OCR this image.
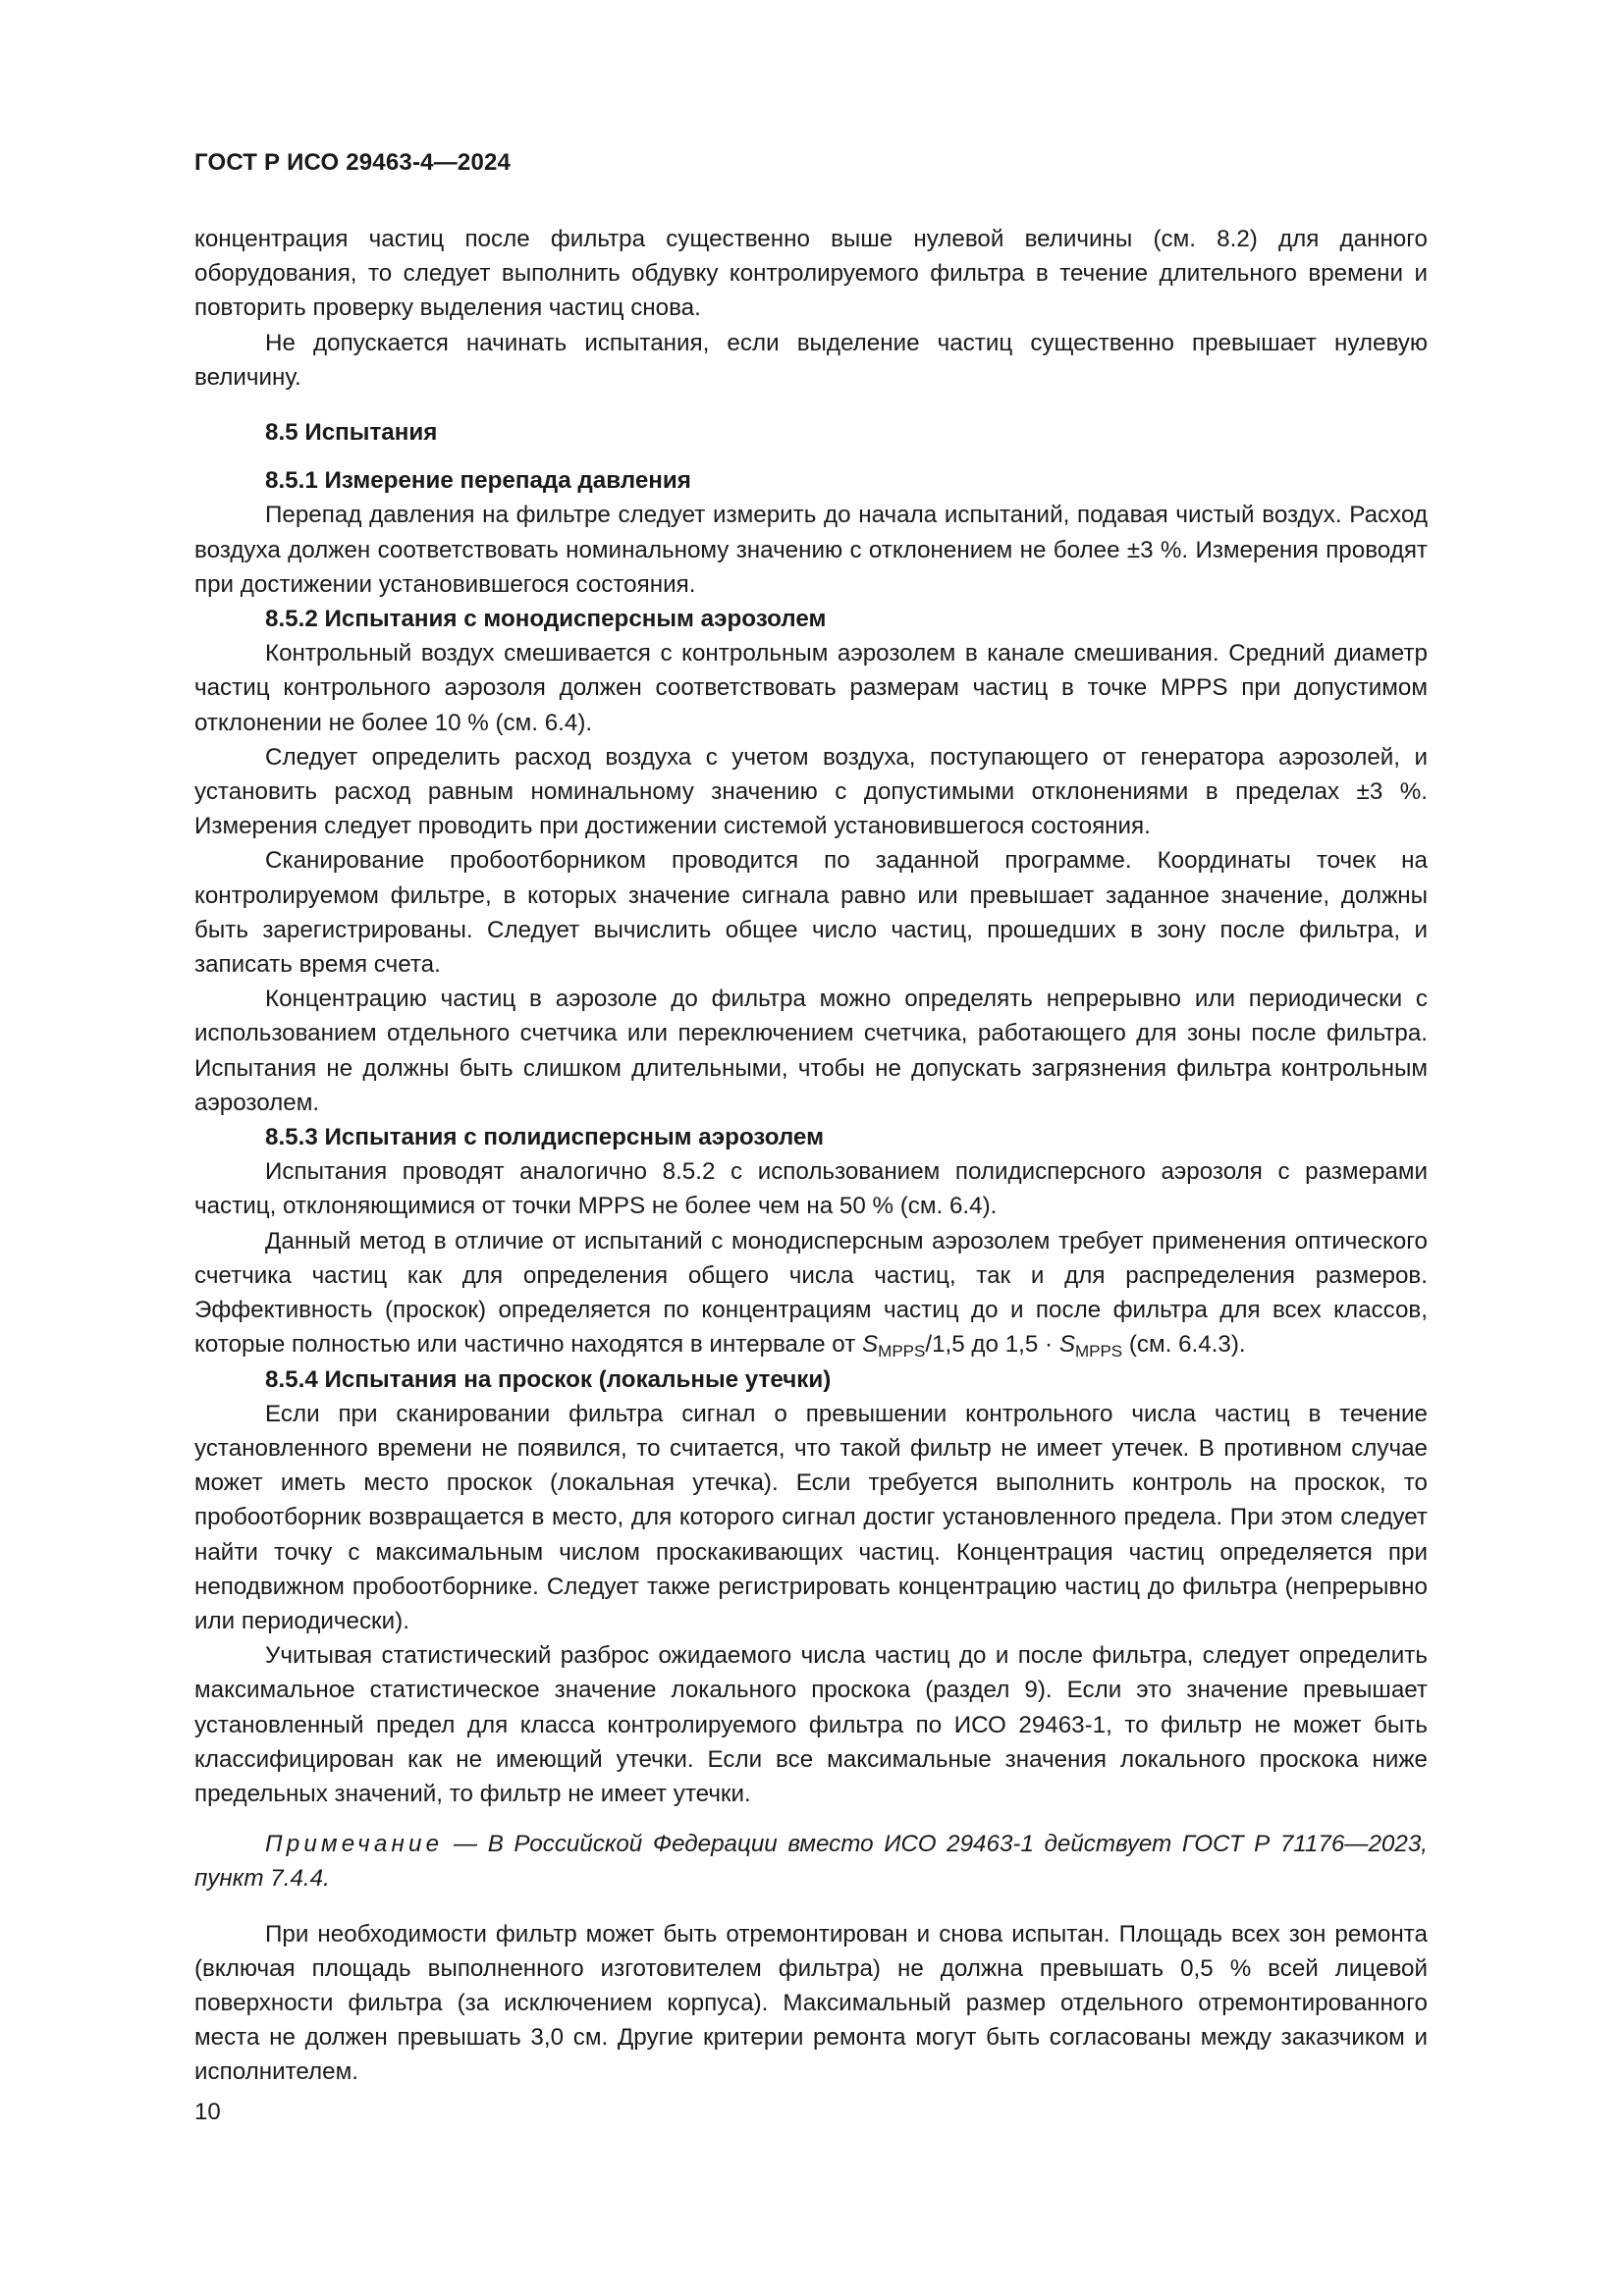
ГОСТ Р ИСО 29463-4—2024

концентрация частиц после фильтра существенно выше нулевой величины (см. 8.2) для данного оборудования, то следует выполнить обдувку контролируемого фильтра в течение длительного времени и повторить проверку выделения частиц снова.

Не допускается начинать испытания, если выделение частиц существенно превышает нулевую величину.

8.5 Испытания

8.5.1 Измерение перепада давления

Перепад давления на фильтре следует измерить до начала испытаний, подавая чистый воздух. Расход воздуха должен соответствовать номинальному значению с отклонением не более ±3 %. Измерения проводят при достижении установившегося состояния.

8.5.2 Испытания с монодисперсным аэрозолем

Контрольный воздух смешивается с контрольным аэрозолем в канале смешивания. Средний диаметр частиц контрольного аэрозоля должен соответствовать размерам частиц в точке MPPS при допустимом отклонении не более 10 % (см. 6.4).

Следует определить расход воздуха с учетом воздуха, поступающего от генератора аэрозолей, и установить расход равным номинальному значению с допустимыми отклонениями в пределах ±3 %. Измерения следует проводить при достижении системой установившегося состояния.

Сканирование пробоотборником проводится по заданной программе. Координаты точек на контролируемом фильтре, в которых значение сигнала равно или превышает заданное значение, должны быть зарегистрированы. Следует вычислить общее число частиц, прошедших в зону после фильтра, и записать время счета.

Концентрацию частиц в аэрозоле до фильтра можно определять непрерывно или периодически с использованием отдельного счетчика или переключением счетчика, работающего для зоны после фильтра. Испытания не должны быть слишком длительными, чтобы не допускать загрязнения фильтра контрольным аэрозолем.

8.5.3 Испытания с полидисперсным аэрозолем

Испытания проводят аналогично 8.5.2 с использованием полидисперсного аэрозоля с размерами частиц, отклоняющимися от точки MPPS не более чем на 50 % (см. 6.4).

Данный метод в отличие от испытаний с монодисперсным аэрозолем требует применения оптического счетчика частиц как для определения общего числа частиц, так и для распределения размеров. Эффективность (проскок) определяется по концентрациям частиц до и после фильтра для всех классов, которые полностью или частично находятся в интервале от $S_{MPPS}/1,5$ до $1,5 \cdot S_{MPPS}$ (см. 6.4.3).

8.5.4 Испытания на проскок (локальные утечки)

Если при сканировании фильтра сигнал о превышении контрольного числа частиц в течение установленного времени не появился, то считается, что такой фильтр не имеет утечек. В противном случае может иметь место проскок (локальная утечка). Если требуется выполнить контроль на проскок, то пробоотборник возвращается в место, для которого сигнал достиг установленного предела. При этом следует найти точку с максимальным числом проскакивающих частиц. Концентрация частиц определяется при неподвижном пробоотборнике. Следует также регистрировать концентрацию частиц до фильтра (непрерывно или периодически).

Учитывая статистический разброс ожидаемого числа частиц до и после фильтра, следует определить максимальное статистическое значение локального проскока (раздел 9). Если это значение превышает установленный предел для класса контролируемого фильтра по ИСО 29463-1, то фильтр не может быть классифицирован как не имеющий утечки. Если все максимальные значения локального проскока ниже предельных значений, то фильтр не имеет утечки.

Примечание — В Российской Федерации вместо ИСО 29463-1 действует ГОСТ Р 71176—2023, пункт 7.4.4.

При необходимости фильтр может быть отремонтирован и снова испытан. Площадь всех зон ремонта (включая площадь выполненного изготовителем фильтра) не должна превышать 0,5 % всей лицевой поверхности фильтра (за исключением корпуса). Максимальный размер отдельного отремонтированного места не должен превышать 3,0 см. Другие критерии ремонта могут быть согласованы между заказчиком и исполнителем.

10
